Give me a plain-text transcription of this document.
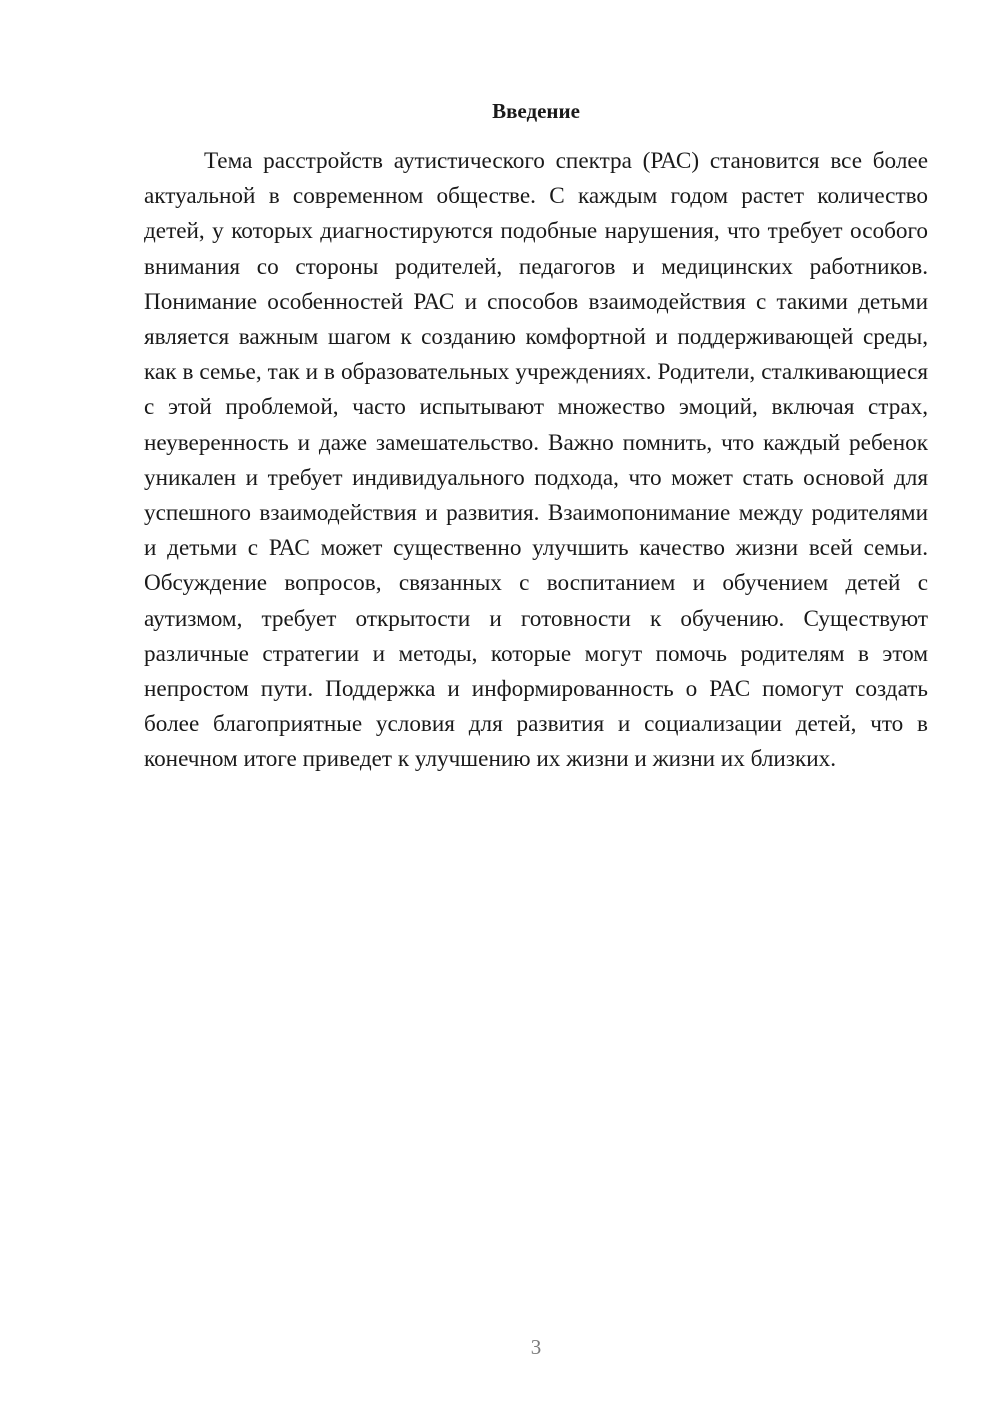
Введение

Тема расстройств аутистического спектра (РАС) становится все более актуальной в современном обществе. С каждым годом растет количество детей, у которых диагностируются подобные нарушения, что требует особого внимания со стороны родителей, педагогов и медицинских работников. Понимание особенностей РАС и способов взаимодействия с такими детьми является важным шагом к созданию комфортной и поддерживающей среды, как в семье, так и в образовательных учреждениях. Родители, сталкивающиеся с этой проблемой, часто испытывают множество эмоций, включая страх, неуверенность и даже замешательство. Важно помнить, что каждый ребенок уникален и требует индивидуального подхода, что может стать основой для успешного взаимодействия и развития. Взаимопонимание между родителями и детьми с РАС может существенно улучшить качество жизни всей семьи. Обсуждение вопросов, связанных с воспитанием и обучением детей с аутизмом, требует открытости и готовности к обучению. Существуют различные стратегии и методы, которые могут помочь родителям в этом непростом пути. Поддержка и информированность о РАС помогут создать более благоприятные условия для развития и социализации детей, что в конечном итоге приведет к улучшению их жизни и жизни их близких.

3
